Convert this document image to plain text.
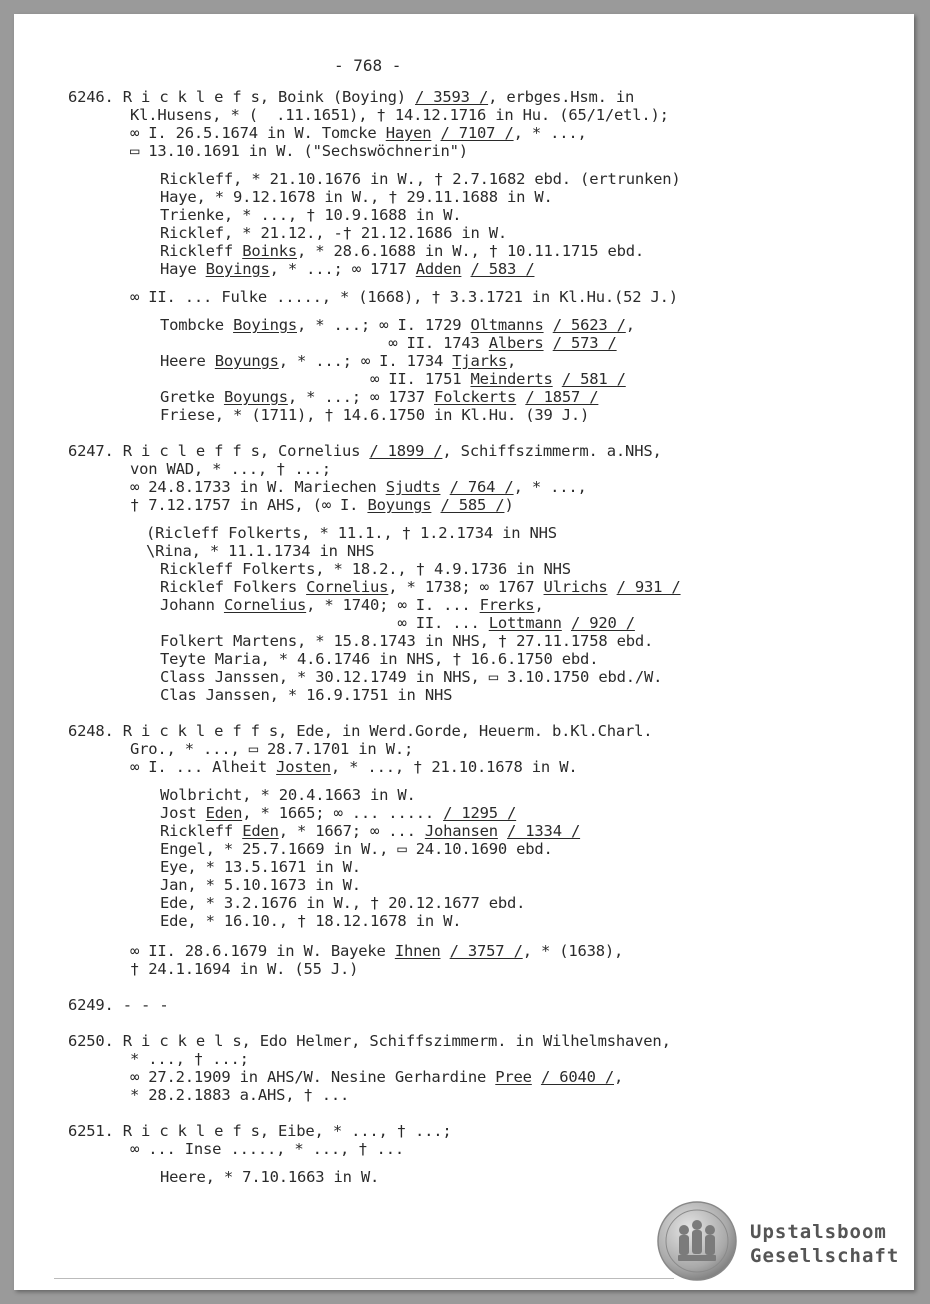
- 768 -
6246. R i c k l e f s, Boink (Boying) / 3593 /, erbges.Hsm. in
Kl.Husens, * (  .11.1651), † 14.12.1716 in Hu. (65/1/etl.);
∞ I. 26.5.1674 in W. Tomcke Hayen / 7107 /, * ...,
▭ 13.10.1691 in W. ("Sechswöchnerin")
Rickleff, * 21.10.1676 in W., † 2.7.1682 ebd. (ertrunken)
Haye, * 9.12.1678 in W., † 29.11.1688 in W.
Trienke, * ..., † 10.9.1688 in W.
Ricklef, * 21.12., -† 21.12.1686 in W.
Rickleff Boinks, * 28.6.1688 in W., † 10.11.1715 ebd.
Haye Boyings, * ...; ∞ 1717 Adden / 583 /
∞ II. ... Fulke ....., * (1668), † 3.3.1721 in Kl.Hu.(52 J.)
Tombcke Boyings, * ...; ∞ I. 1729 Oltmanns / 5623 /,
∞ II. 1743 Albers / 573 /
Heere Boyungs, * ...; ∞ I. 1734 Tjarks,
∞ II. 1751 Meinderts / 581 /
Gretke Boyungs, * ...; ∞ 1737 Folckerts / 1857 /
Friese, * (1711), † 14.6.1750 in Kl.Hu. (39 J.)
6247. R i c l e f f s, Cornelius / 1899 /, Schiffszimmerm. a.NHS,
von WAD, * ..., † ...;
∞ 24.8.1733 in W. Mariechen Sjudts / 764 /, * ...,
† 7.12.1757 in AHS, (∞ I. Boyungs / 585 /)
(Ricleff Folkerts, * 11.1., † 1.2.1734 in NHS
\Rina, * 11.1.1734 in NHS
Rickleff Folkerts, * 18.2., † 4.9.1736 in NHS
Ricklef Folkers Cornelius, * 1738; ∞ 1767 Ulrichs / 931 /
Johann Cornelius, * 1740; ∞ I. ... Frerks,
∞ II. ... Lottmann / 920 /
Folkert Martens, * 15.8.1743 in NHS, † 27.11.1758 ebd.
Teyte Maria, * 4.6.1746 in NHS, † 16.6.1750 ebd.
Class Janssen, * 30.12.1749 in NHS, ▭ 3.10.1750 ebd./W.
Clas Janssen, * 16.9.1751 in NHS
6248. R i c k l e f f s, Ede, in Werd.Gorde, Heuerm. b.Kl.Charl.
Gro., * ..., ▭ 28.7.1701 in W.;
∞ I. ... Alheit Josten, * ..., † 21.10.1678 in W.
Wolbricht, * 20.4.1663 in W.
Jost Eden, * 1665; ∞ ... ..... / 1295 /
Rickleff Eden, * 1667; ∞ ... Johansen / 1334 /
Engel, * 25.7.1669 in W., ▭ 24.10.1690 ebd.
Eye, * 13.5.1671 in W.
Jan, * 5.10.1673 in W.
Ede, * 3.2.1676 in W., † 20.12.1677 ebd.
Ede, * 16.10., † 18.12.1678 in W.
∞ II. 28.6.1679 in W. Bayeke Ihnen / 3757 /, * (1638),
† 24.1.1694 in W. (55 J.)
6249. - - -
6250. R i c k e l s, Edo Helmer, Schiffszimmerm. in Wilhelmshaven,
* ..., † ...;
∞ 27.2.1909 in AHS/W. Nesine Gerhardine Pree / 6040 /,
* 28.2.1883 a.AHS, † ...
6251. R i c k l e f s, Eibe, * ..., † ...;
∞ ... Inse ....., * ..., † ...
Heere, * 7.10.1663 in W.
Upstalsboom
Gesellschaft
